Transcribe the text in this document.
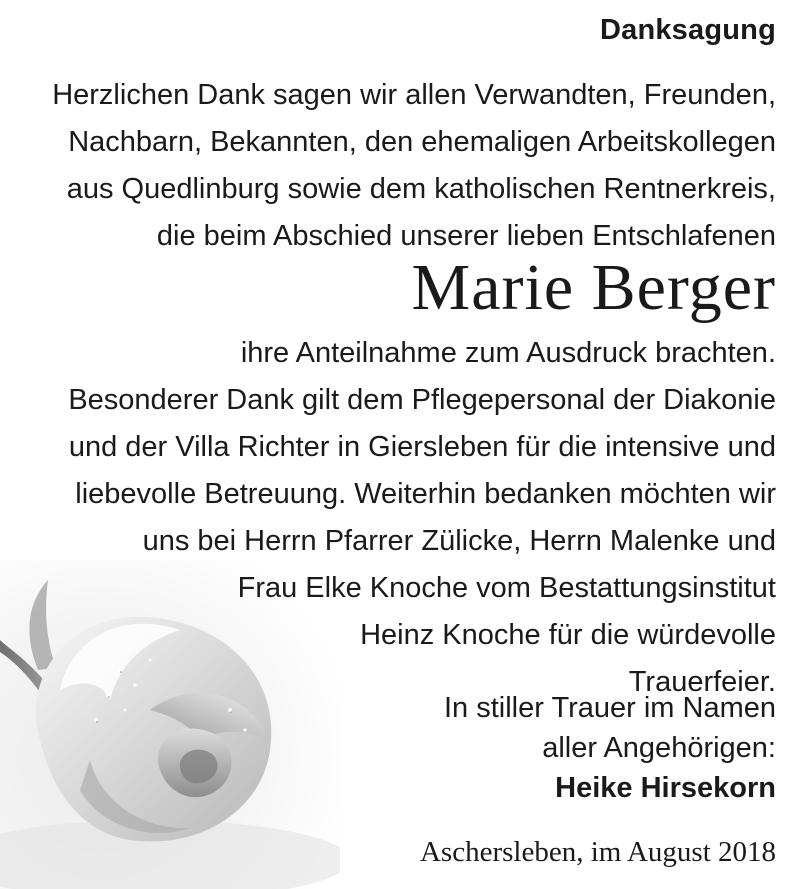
Danksagung
Herzlichen Dank sagen wir allen Verwandten, Freunden,
Nachbarn, Bekannten, den ehemaligen Arbeitskollegen
aus Quedlinburg sowie dem katholischen Rentnerkreis,
die beim Abschied unserer lieben Entschlafenen
Marie Berger
ihre Anteilnahme zum Ausdruck brachten.
Besonderer Dank gilt dem Pflegepersonal der Diakonie
und der Villa Richter in Giersleben für die intensive und
liebevolle Betreuung. Weiterhin bedanken möchten wir
uns bei Herrn Pfarrer Zülicke, Herrn Malenke und
Frau Elke Knoche vom Bestattungsinstitut
Heinz Knoche für die würdevolle
Trauerfeier.
In stiller Trauer im Namen
aller Angehörigen:
Heike Hirsekorn
Aschersleben, im August 2018
